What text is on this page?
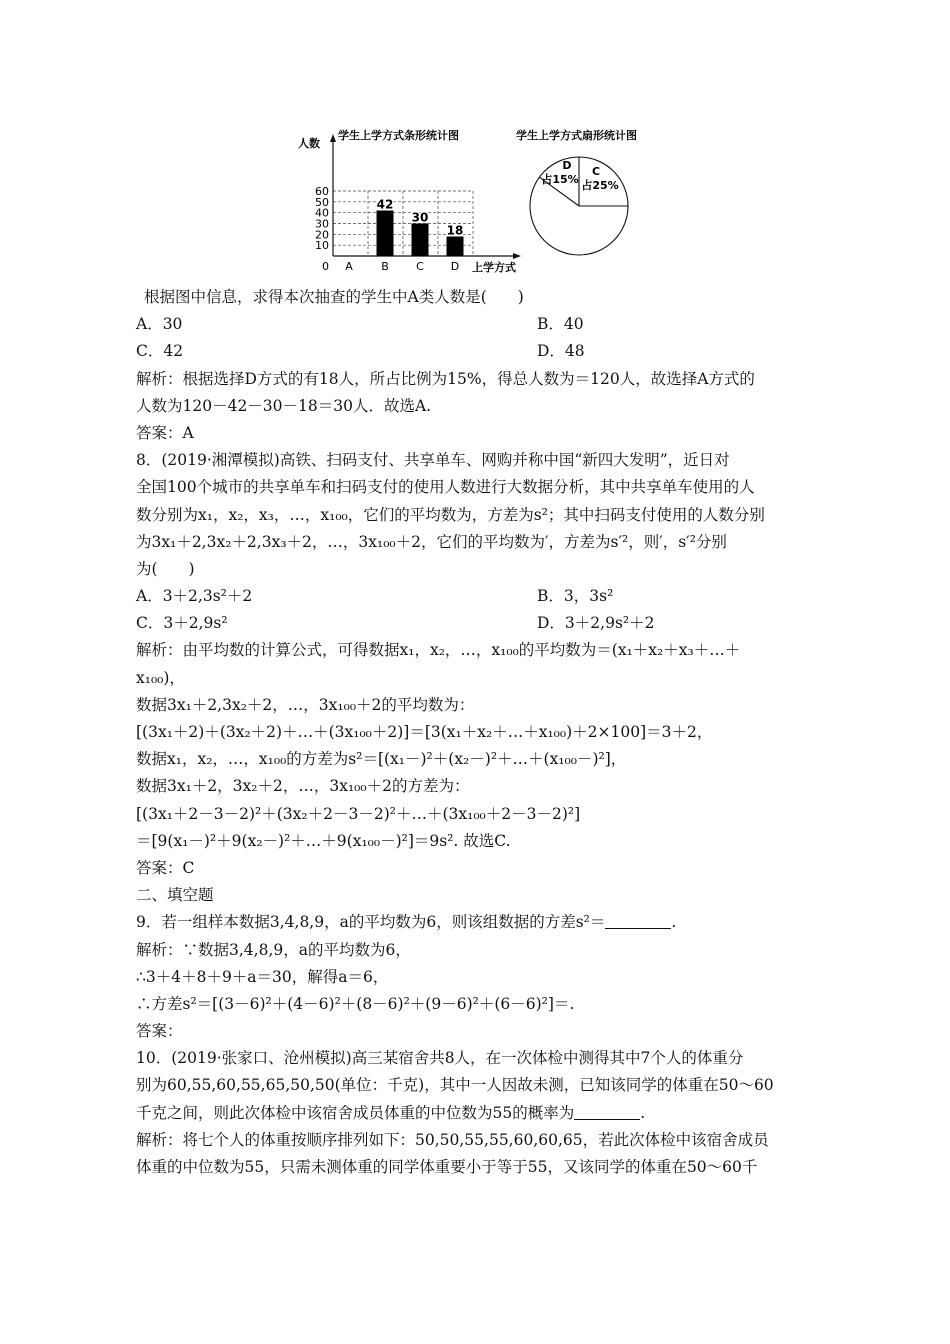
学生上学方式条形统计图
人数
上学方式
0
10
20
30
40
50
60
A	B
42
C
30
D
18
学生上学方式扇形统计图
D
占15%
C
占25%
根据图中信息，求得本次抽查的学生中A类人数是(　　)
A．30	B．40
C．42	D．48
解析：根据选择D方式的有18人，所占比例为15%，得总人数为＝120人，故选择A方式的
人数为120－42－30－18＝30人．故选A.
答案：A
8．(2019·湘潭模拟)高铁、扫码支付、共享单车、网购并称中国“新四大发明”，近日对
全国100个城市的共享单车和扫码支付的使用人数进行大数据分析，其中共享单车使用的人
数分别为x₁，x₂，x₃，…，x₁₀₀，它们的平均数为，方差为s²；其中扫码支付使用的人数分别
为3x₁＋2,3x₂＋2,3x₃＋2，…，3x₁₀₀＋2，它们的平均数为′，方差为s′²，则′，s′²分别
为(　　)
A．3＋2,3s²＋2	B．3，3s²
C．3＋2,9s²	D．3＋2,9s²＋2
解析：由平均数的计算公式，可得数据x₁，x₂，…，x₁₀₀的平均数为＝(x₁＋x₂＋x₃＋…＋
x₁₀₀)，
数据3x₁＋2,3x₂＋2，…，3x₁₀₀＋2的平均数为：
[(3x₁＋2)＋(3x₂＋2)＋…＋(3x₁₀₀＋2)]＝[3(x₁＋x₂＋…＋x₁₀₀)＋2×100]＝3＋2，
数据x₁，x₂，…，x₁₀₀的方差为s²＝[(x₁－)²＋(x₂－)²＋…＋(x₁₀₀－)²]，
数据3x₁＋2，3x₂＋2，…，3x₁₀₀＋2的方差为：
[(3x₁＋2－3－2)²＋(3x₂＋2－3－2)²＋…＋(3x₁₀₀＋2－3－2)²]
＝[9(x₁－)²＋9(x₂－)²＋…＋9(x₁₀₀－)²]＝9s². 故选C.
答案：C
二、填空题
9．若一组样本数据3,4,8,9，a的平均数为6，则该组数据的方差s²＝	.
解析：∵数据3,4,8,9，a的平均数为6，
∴3＋4＋8＋9＋a＝30，解得a＝6，
∴方差s²＝[(3－6)²＋(4－6)²＋(8－6)²＋(9－6)²＋(6－6)²]＝.
答案：
10．(2019·张家口、沧州模拟)高三某宿舍共8人，在一次体检中测得其中7个人的体重分
别为60,55,60,55,65,50,50(单位：千克)，其中一人因故未测，已知该同学的体重在50～60
千克之间，则此次体检中该宿舍成员体重的中位数为55的概率为	.
解析：将七个人的体重按顺序排列如下：50,50,55,55,60,60,65，若此次体检中该宿舍成员
体重的中位数为55，只需未测体重的同学体重要小于等于55，又该同学的体重在50～60千
